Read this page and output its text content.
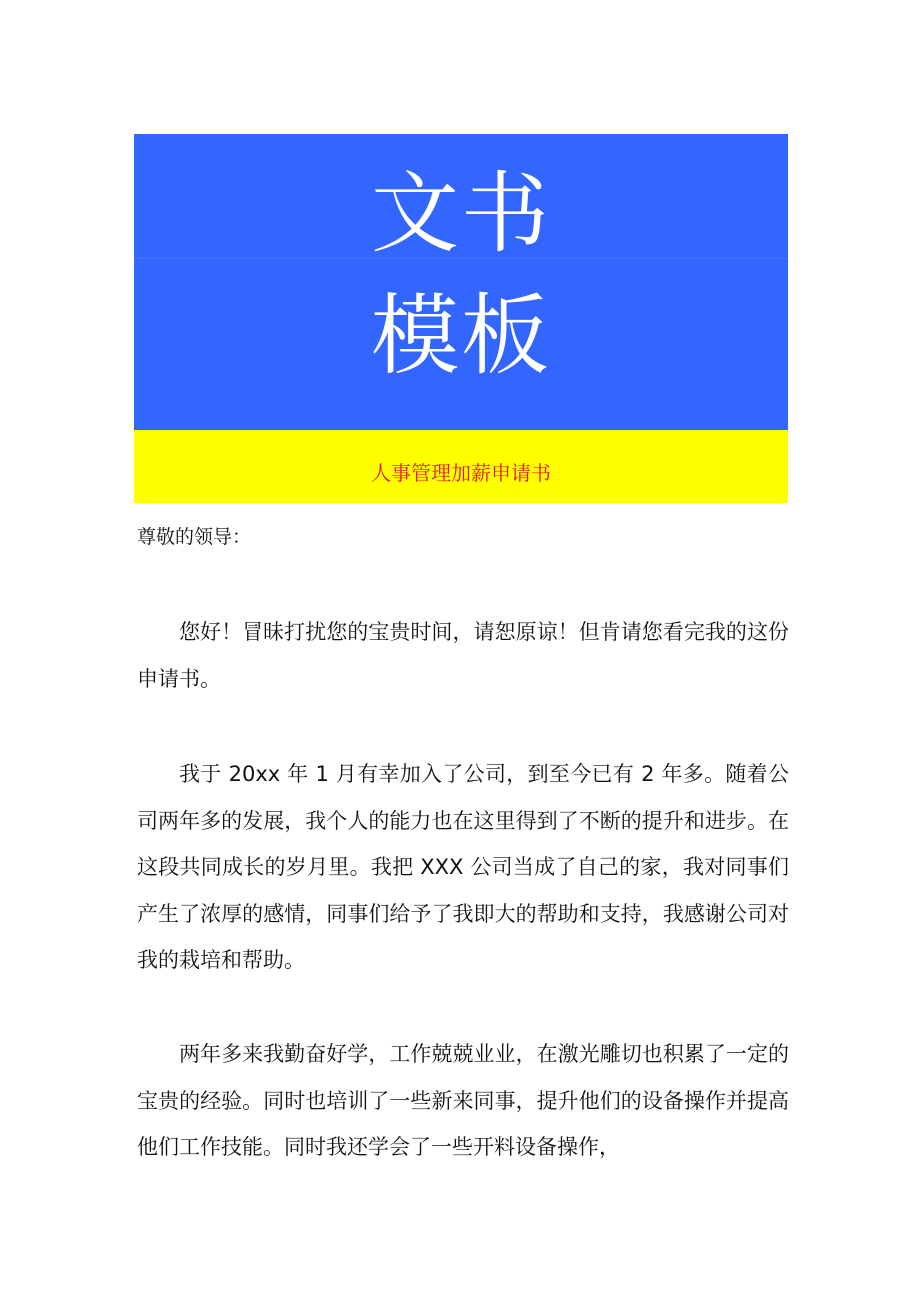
文书
模板
人事管理加薪申请书
尊敬的领导：

您好！冒昧打扰您的宝贵时间，请恕原谅！但肯请您看完我的这份申请书。

我于 20xx 年 1 月有幸加入了公司，到至今已有 2 年多。随着公司两年多的发展，我个人的能力也在这里得到了不断的提升和进步。在这段共同成长的岁月里。我把 XXX 公司当成了自己的家，我对同事们产生了浓厚的感情，同事们给予了我即大的帮助和支持，我感谢公司对我的栽培和帮助。

两年多来我勤奋好学，工作兢兢业业，在激光雕切也积累了一定的宝贵的经验。同时也培训了一些新来同事，提升他们的设备操作并提高他们工作技能。同时我还学会了一些开料设备操作，
